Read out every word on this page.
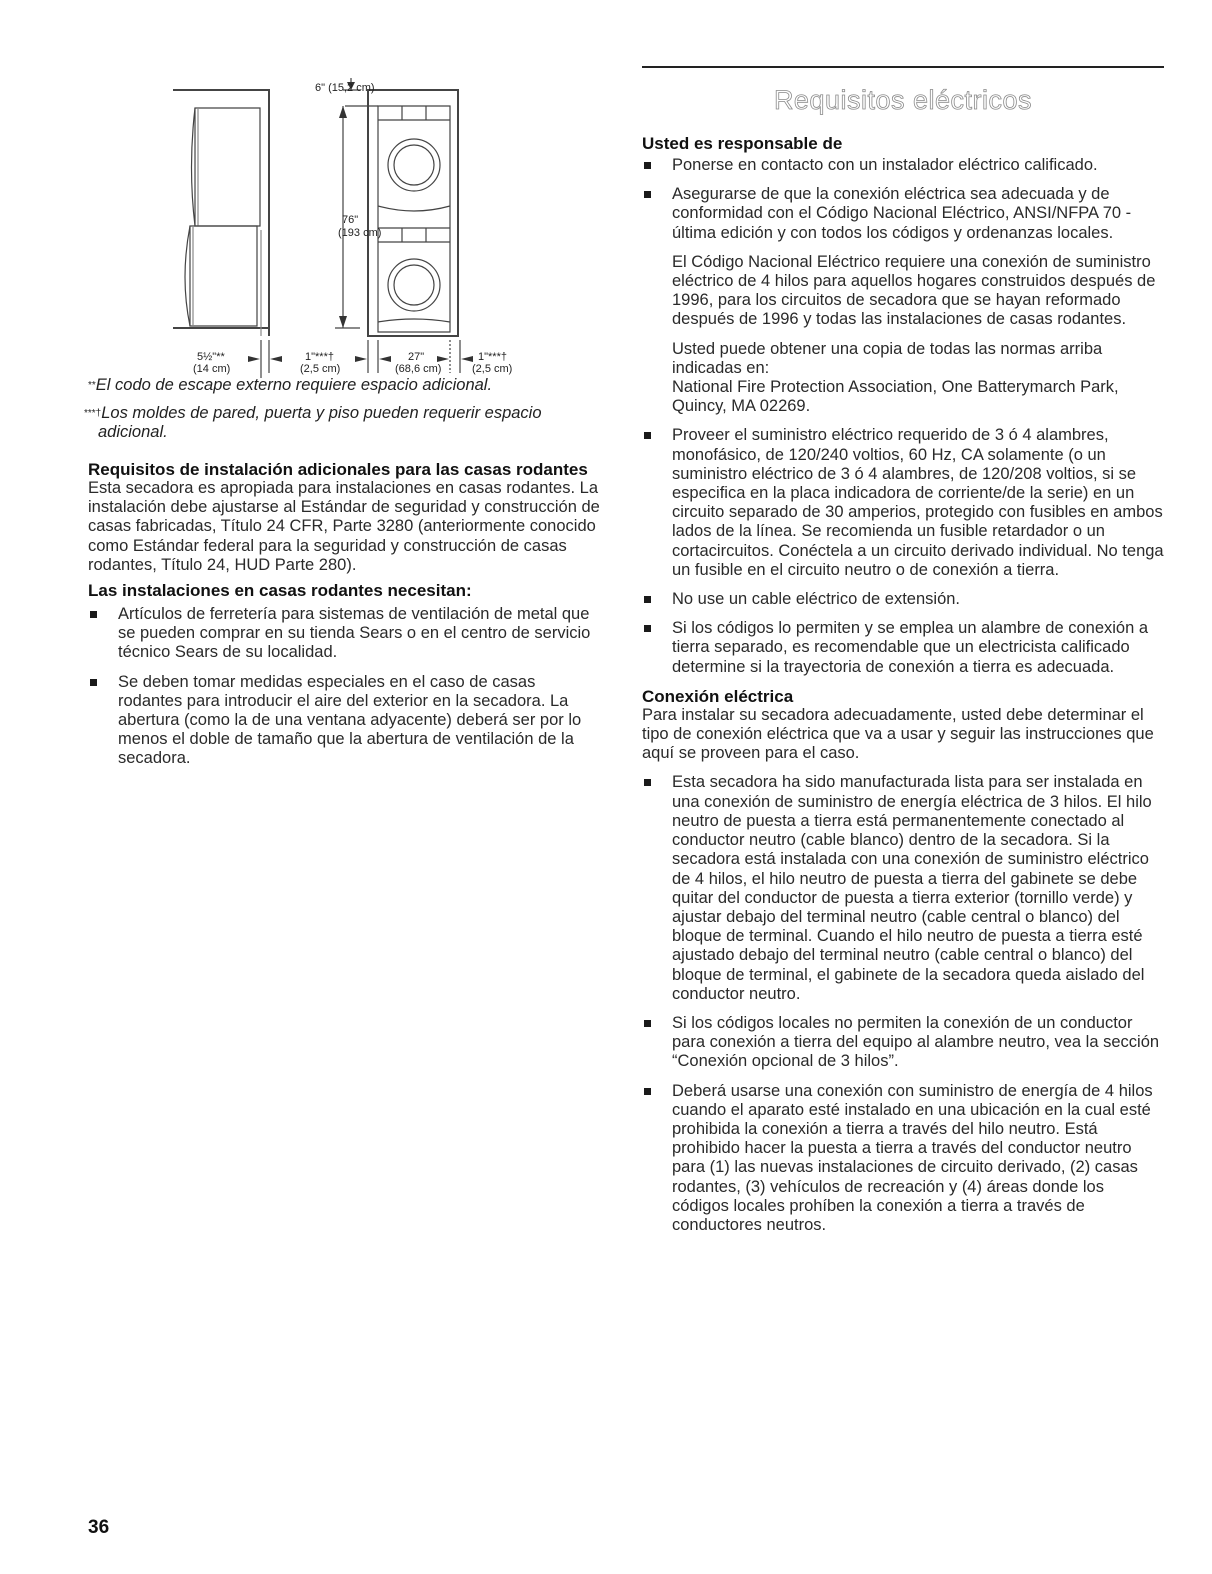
6" (15,2 cm)
76"
(193 cm)
5½"**
(14 cm)
1"***†
(2,5 cm)
27"
(68,6 cm)
1"***†
(2,5 cm)
**El codo de escape externo requiere espacio adicional.
***†Los moldes de pared, puerta y piso pueden requerir espacio
adicional.
Requisitos de instalación adicionales para las casas rodantes

Esta secadora es apropiada para instalaciones en casas rodantes. La instalación debe ajustarse al Estándar de seguridad y construcción de casas fabricadas, Título 24 CFR, Parte 3280 (anteriormente conocido como Estándar federal para la seguridad y construcción de casas rodantes, Título 24, HUD Parte 280).

Las instalaciones en casas rodantes necesitan:
Artículos de ferretería para sistemas de ventilación de metal que se pueden comprar en su tienda Sears o en el centro de servicio técnico Sears de su localidad.
Se deben tomar medidas especiales en el caso de casas rodantes para introducir el aire del exterior en la secadora. La abertura (como la de una ventana adyacente) deberá ser por lo menos el doble de tamaño que la abertura de ventilación de la secadora.
Requisitos eléctricos
Usted es responsable de
Ponerse en contacto con un instalador eléctrico calificado.
Asegurarse de que la conexión eléctrica sea adecuada y de conformidad con el Código Nacional Eléctrico, ANSI/NFPA 70 - última edición y con todos los códigos y ordenanzas locales.

El Código Nacional Eléctrico requiere una conexión de suministro eléctrico de 4 hilos para aquellos hogares construidos después de 1996, para los circuitos de secadora que se hayan reformado después de 1996 y todas las instalaciones de casas rodantes.

Usted puede obtener una copia de todas las normas arriba indicadas en:
National Fire Protection Association, One Batterymarch Park, Quincy, MA 02269.

Proveer el suministro eléctrico requerido de 3 ó 4 alambres, monofásico, de 120/240 voltios, 60 Hz, CA solamente (o un suministro eléctrico de 3 ó 4 alambres, de 120/208 voltios, si se especifica en la placa indicadora de corriente/de la serie) en un circuito separado de 30 amperios, protegido con fusibles en ambos lados de la línea. Se recomienda un fusible retardador o un cortacircuitos. Conéctela a un circuito derivado individual. No tenga un fusible en el circuito neutro o de conexión a tierra.
No use un cable eléctrico de extensión.
Si los códigos lo permiten y se emplea un alambre de conexión a tierra separado, es recomendable que un electricista calificado determine si la trayectoria de conexión a tierra es adecuada.
Conexión eléctrica

Para instalar su secadora adecuadamente, usted debe determinar el tipo de conexión eléctrica que va a usar y seguir las instrucciones que aquí se proveen para el caso.

Esta secadora ha sido manufacturada lista para ser instalada en una conexión de suministro de energía eléctrica de 3 hilos. El hilo neutro de puesta a tierra está permanentemente conectado al conductor neutro (cable blanco) dentro de la secadora. Si la secadora está instalada con una conexión de suministro eléctrico de 4 hilos, el hilo neutro de puesta a tierra del gabinete se debe quitar del conductor de puesta a tierra exterior (tornillo verde) y ajustar debajo del terminal neutro (cable central o blanco) del bloque de terminal. Cuando el hilo neutro de puesta a tierra esté ajustado debajo del terminal neutro (cable central o blanco) del bloque de terminal, el gabinete de la secadora queda aislado del conductor neutro.
Si los códigos locales no permiten la conexión de un conductor para conexión a tierra del equipo al alambre neutro, vea la sección “Conexión opcional de 3 hilos”.
Deberá usarse una conexión con suministro de energía de 4 hilos cuando el aparato esté instalado en una ubicación en la cual esté prohibida la conexión a tierra a través del hilo neutro. Está prohibido hacer la puesta a tierra a través del conductor neutro para (1) las nuevas instalaciones de circuito derivado, (2) casas rodantes, (3) vehículos de recreación y (4) áreas donde los códigos locales prohíben la conexión a tierra a través de conductores neutros.
36
